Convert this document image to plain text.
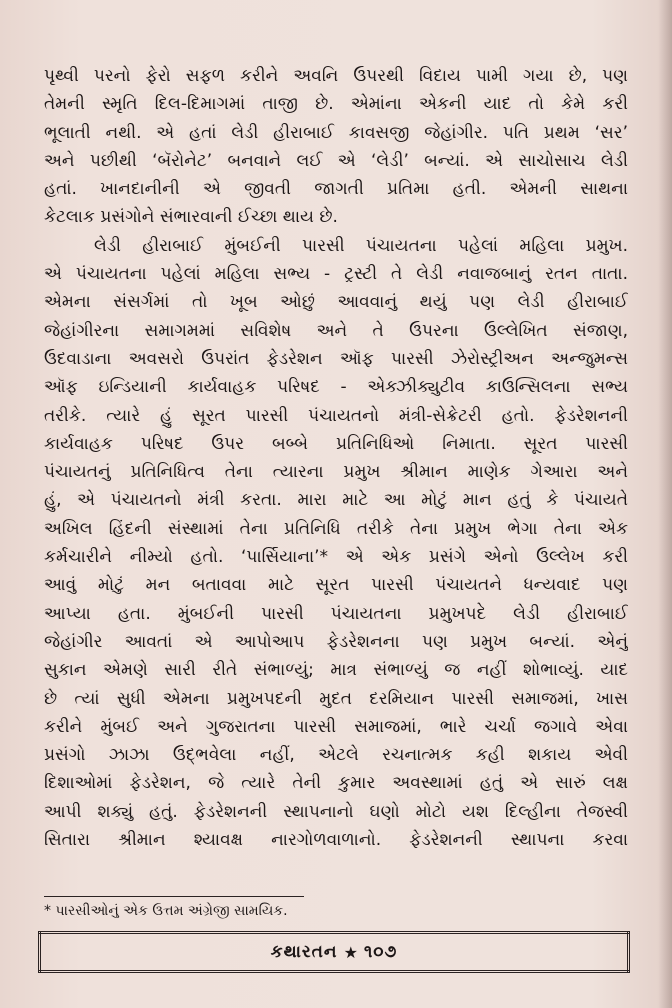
પૃથ્વી પરનો ફેરો સફળ કરીને અવનિ ઉપરથી વિદાય પામી ગયા છે, પણ
તેમની સ્મૃતિ દિલ-દિમાગમાં તાજી છે. એમાંના એકની યાદ તો કેમે કરી
ભૂલાતી નથી. એ હતાં લેડી હીરાબાઈ કાવસજી જેહાંગીર. પતિ પ્રથમ ‘સર’
અને પછીથી ‘બૅરોનેટ’ બનવાને લઈ એ ‘લેડી’ બન્યાં. એ સાચોસાચ લેડી
હતાં. ખાનદાનીની એ જીવતી જાગતી પ્રતિમા હતી. એમની સાથના
કેટલાક પ્રસંગોને સંભારવાની ઈચ્છા થાય છે.
લેડી હીરાબાઈ મુંબઈની પારસી પંચાયતના પહેલાં મહિલા પ્રમુખ.
એ પંચાયતના પહેલાં મહિલા સભ્ય - ટ્રસ્ટી તે લેડી નવાજબાનું રતન તાતા.
એમના સંસર્ગમાં તો ખૂબ ઓછું આવવાનું થયું પણ લેડી હીરાબાઈ
જેહાંગીરના સમાગમમાં સવિશેષ અને તે ઉપરના ઉલ્લેખિત સંજાણ,
ઉદવાડાના અવસરો ઉપરાંત ફેડરેશન ઑફ પારસી ઝેરોસ્ટ્રીઅન અન્જુમન્સ
ઑફ ઇન્ડિયાની કાર્યવાહક પરિષદ - એક્ઝીક્યુટીવ કાઉન્સિલના સભ્ય
તરીકે. ત્યારે હું સૂરત પારસી પંચાયતનો મંત્રી-સેક્રેટરી હતો. ફેડરેશનની
કાર્યવાહક પરિષદ ઉપર બબ્બે પ્રતિનિધિઓ નિમાતા. સૂરત પારસી
પંચાયતનું પ્રતિનિધિત્વ તેના ત્યારના પ્રમુખ શ્રીમાન માણેક ગેઆરા અને
હું, એ પંચાયતનો મંત્રી કરતા. મારા માટે આ મોટું માન હતું કે પંચાયતે
અખિલ હિંદની સંસ્થામાં તેના પ્રતિનિધિ તરીકે તેના પ્રમુખ ભેગા તેના એક
કર્મચારીને નીમ્યો હતો. ‘પાર્સિયાના’* એ એક પ્રસંગે એનો ઉલ્લેખ કરી
આવું મોટું મન બતાવવા માટે સૂરત પારસી પંચાયતને ધન્યવાદ પણ
આપ્યા હતા. મુંબઈની પારસી પંચાયતના પ્રમુખપદે લેડી હીરાબાઈ
જેહાંગીર આવતાં એ આપોઆપ ફેડરેશનના પણ પ્રમુખ બન્યાં. એનું
સુકાન એમણે સારી રીતે સંભાળ્યું; માત્ર સંભાળ્યું જ નહીં શોભાવ્યું. યાદ
છે ત્યાં સુધી એમના પ્રમુખપદની મુદત દરમિયાન પારસી સમાજમાં, ખાસ
કરીને મુંબઈ અને ગુજરાતના પારસી સમાજમાં, ભારે ચર્ચા જગાવે એવા
પ્રસંગો ઝાઝા ઉદ્ભવેલા નહીં, એટલે રચનાત્મક કહી શકાય એવી
દિશાઓમાં ફેડરેશન, જે ત્યારે તેની કુમાર અવસ્થામાં હતું એ સારું લક્ષ
આપી શક્યું હતું. ફેડરેશનની સ્થાપનાનો ઘણો મોટો યશ દિલ્હીના તેજસ્વી
સિતારા શ્રીમાન શ્યાવક્ષ નારગોળવાળાનો. ફેડરેશનની સ્થાપના કરવા
* પારસીઓનું એક ઉત્તમ અંગ્રેજી સામયિક.
કથારતન ★ ૧૦૭
